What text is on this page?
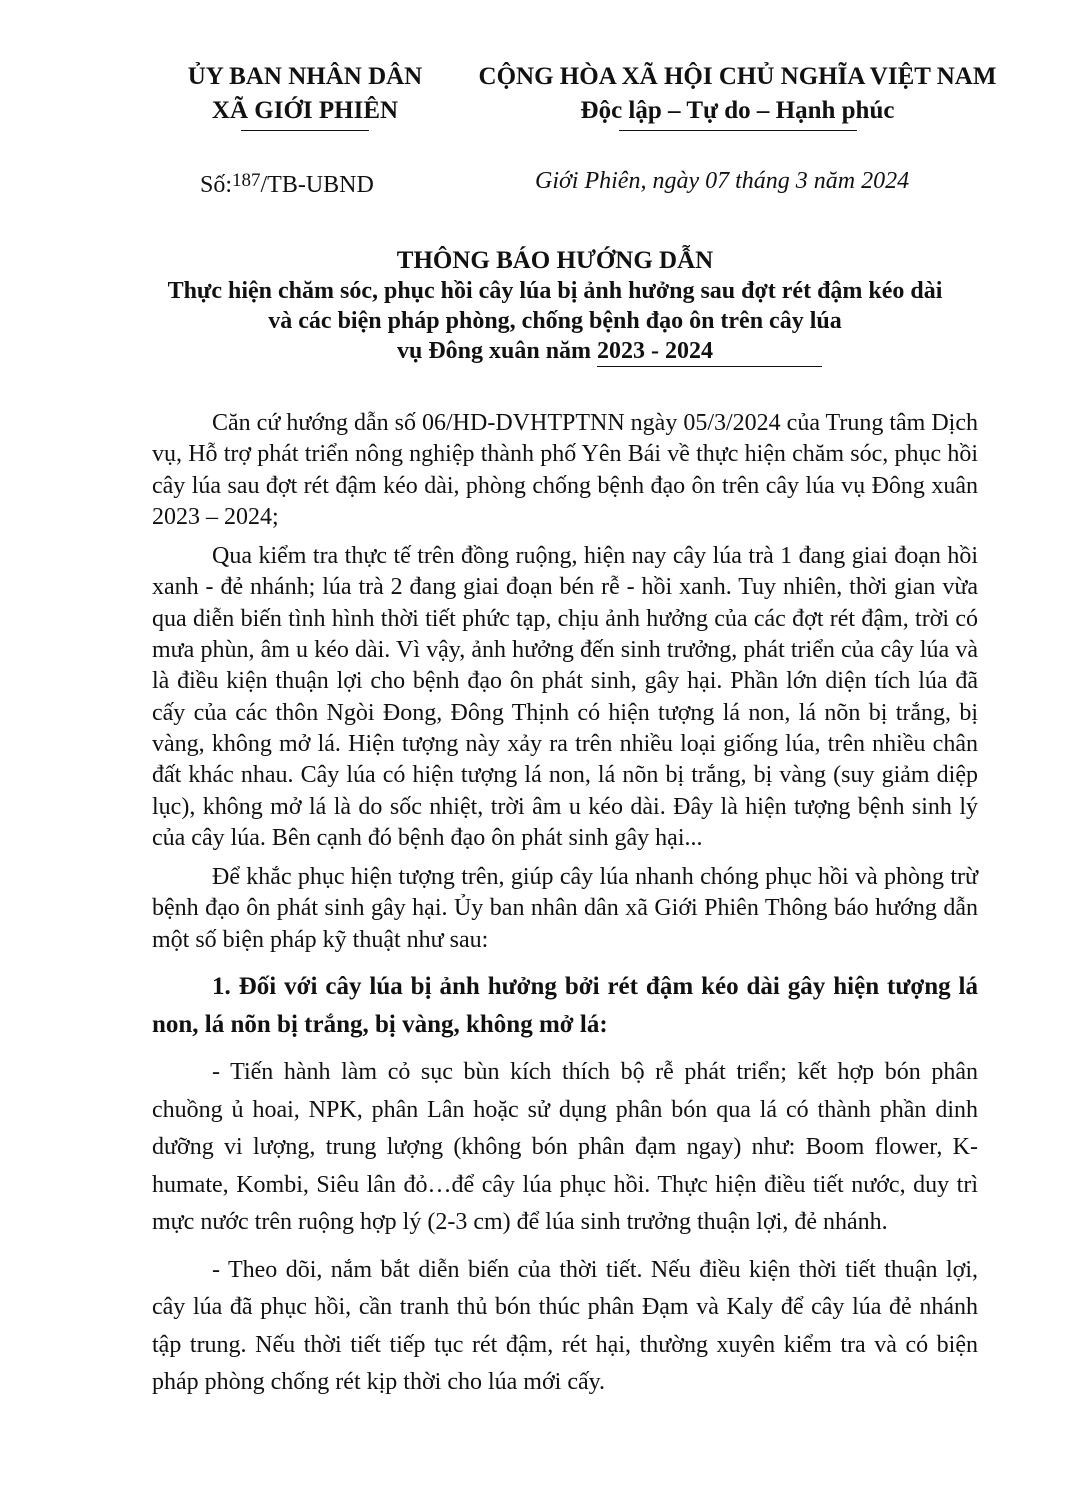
ỦY BAN NHÂN DÂN
XÃ GIỚI PHIÊN
CỘNG HÒA XÃ HỘI CHỦ NGHĨA VIỆT NAM
Độc lập – Tự do – Hạnh phúc
Số:$^{187}$/TB-UBND	Giới Phiên, ngày 07 tháng 3 năm 2024
THÔNG BÁO HƯỚNG DẪN
Thực hiện chăm sóc, phục hồi cây lúa bị ảnh hưởng sau đợt rét đậm kéo dài
và các biện pháp phòng, chống bệnh đạo ôn trên cây lúa
vụ Đông xuân năm 2023 - 2024

Căn cứ hướng dẫn số 06/HD-DVHTPTNN ngày 05/3/2024 của Trung tâm Dịch vụ, Hỗ trợ phát triển nông nghiệp thành phố Yên Bái về thực hiện chăm sóc, phục hồi cây lúa sau đợt rét đậm kéo dài, phòng chống bệnh đạo ôn trên cây lúa vụ Đông xuân 2023 – 2024;

Qua kiểm tra thực tế trên đồng ruộng, hiện nay cây lúa trà 1 đang giai đoạn hồi xanh - đẻ nhánh; lúa trà 2 đang giai đoạn bén rễ - hồi xanh. Tuy nhiên, thời gian vừa qua diễn biến tình hình thời tiết phức tạp, chịu ảnh hưởng của các đợt rét đậm, trời có mưa phùn, âm u kéo dài. Vì vậy, ảnh hưởng đến sinh trưởng, phát triển của cây lúa và là điều kiện thuận lợi cho bệnh đạo ôn phát sinh, gây hại. Phần lớn diện tích lúa đã cấy của các thôn Ngòi Đong, Đông Thịnh có hiện tượng lá non, lá nõn bị trắng, bị vàng, không mở lá. Hiện tượng này xảy ra trên nhiều loại giống lúa, trên nhiều chân đất khác nhau. Cây lúa có hiện tượng lá non, lá nõn bị trắng, bị vàng (suy giảm diệp lục), không mở lá là do sốc nhiệt, trời âm u kéo dài. Đây là hiện tượng bệnh sinh lý của cây lúa. Bên cạnh đó bệnh đạo ôn phát sinh gây hại...

Để khắc phục hiện tượng trên, giúp cây lúa nhanh chóng phục hồi và phòng trừ bệnh đạo ôn phát sinh gây hại. Ủy ban nhân dân xã Giới Phiên Thông báo hướng dẫn một số biện pháp kỹ thuật như sau:

1. Đối với cây lúa bị ảnh hưởng bởi rét đậm kéo dài gây hiện tượng lá non, lá nõn bị trắng, bị vàng, không mở lá:

- Tiến hành làm cỏ sục bùn kích thích bộ rễ phát triển; kết hợp bón phân chuồng ủ hoai, NPK, phân Lân hoặc sử dụng phân bón qua lá có thành phần dinh dưỡng vi lượng, trung lượng (không bón phân đạm ngay) như: Boom flower, K-humate, Kombi, Siêu lân đỏ…để cây lúa phục hồi. Thực hiện điều tiết nước, duy trì mực nước trên ruộng hợp lý (2-3 cm) để lúa sinh trưởng thuận lợi, đẻ nhánh.

- Theo dõi, nắm bắt diễn biến của thời tiết. Nếu điều kiện thời tiết thuận lợi, cây lúa đã phục hồi, cần tranh thủ bón thúc phân Đạm và Kaly để cây lúa đẻ nhánh tập trung. Nếu thời tiết tiếp tục rét đậm, rét hại, thường xuyên kiểm tra và có biện pháp phòng chống rét kịp thời cho lúa mới cấy.
